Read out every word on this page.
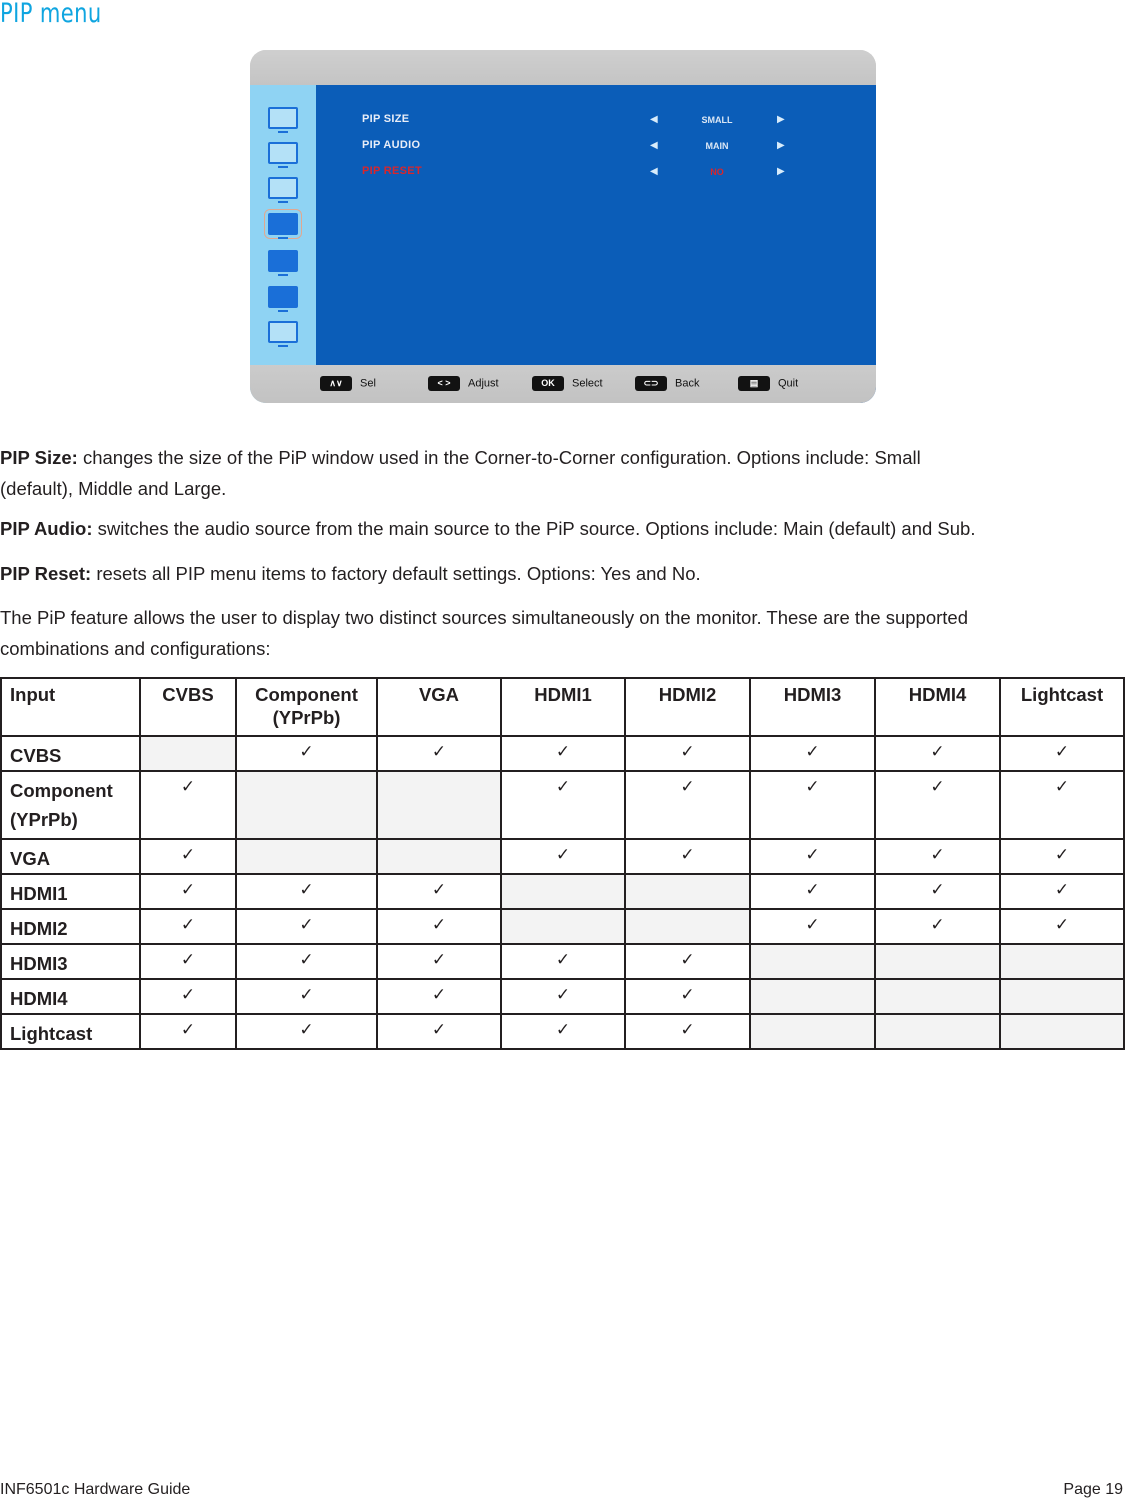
PIP menu
PIP SIZE
PIP AUDIO
PIP RESET
◀	SMALL	▶
◀	MAIN	▶
◀	NO	▶
∧∨ Sel	< > Adjust	OK Select	⊂⊃ Back	▤ Quit
PIP Size: changes the size of the PiP window used in the Corner-to-Corner configuration. Options include: Small
(default), Middle and Large.
PIP Audio: switches the audio source from the main source to the PiP source. Options include: Main (default) and Sub.
PIP Reset: resets all PIP menu items to factory default settings. Options: Yes and No.
The PiP feature allows the user to display two distinct sources simultaneously on the monitor. These are the supported
combinations and configurations:
Input	CVBS	Component (YPrPb)	VGA	HDMI1	HDMI2	HDMI3	HDMI4	Lightcast
CVBS		✓	✓	✓	✓	✓	✓	✓
Component (YPrPb)	✓			✓	✓	✓	✓	✓
VGA	✓			✓	✓	✓	✓	✓
HDMI1	✓	✓	✓			✓	✓	✓
HDMI2	✓	✓	✓			✓	✓	✓
HDMI3	✓	✓	✓	✓	✓			
HDMI4	✓	✓	✓	✓	✓			
Lightcast	✓	✓	✓	✓	✓			
INF6501c Hardware Guide	Page 19
